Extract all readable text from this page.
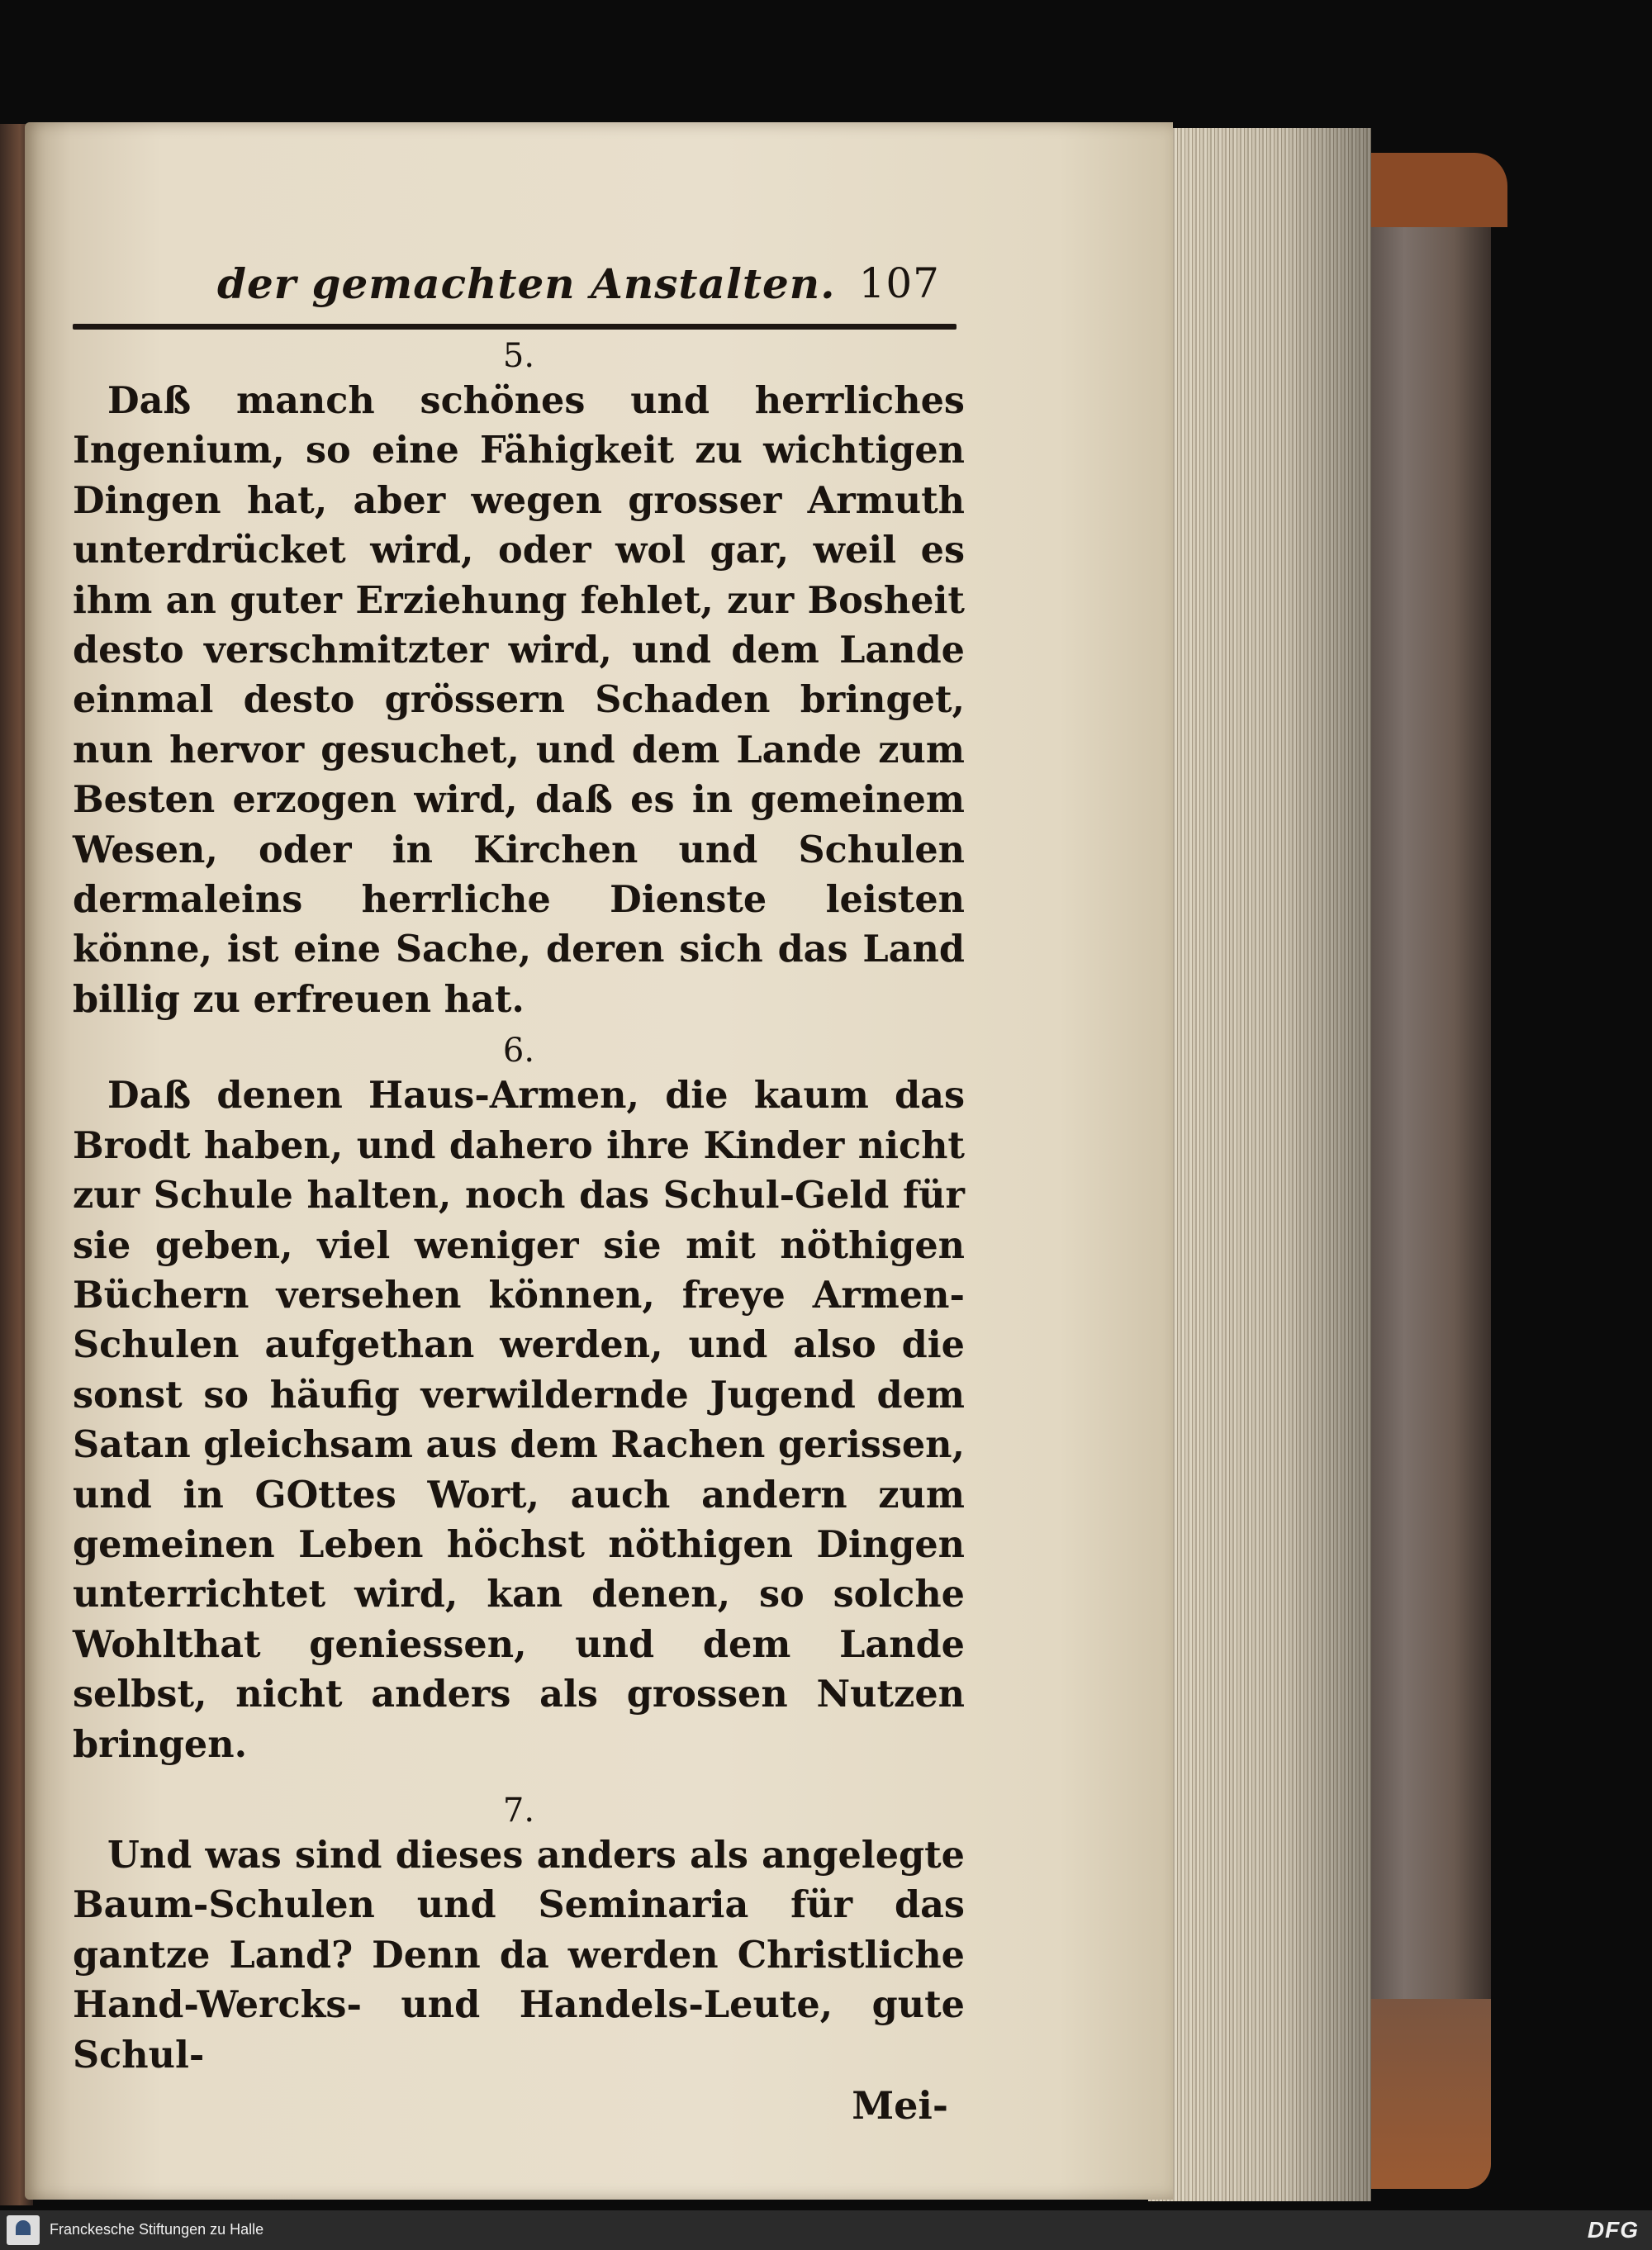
der gemachten Anstalten. 107
5.

Daß manch schönes und herrliches Ingenium, so eine Fähigkeit zu wichtigen Dingen hat, aber wegen grosser Armuth unterdrücket wird, oder wol gar, weil es ihm an guter Erziehung fehlet, zur Bosheit desto verschmitzter wird, und dem Lande einmal desto grössern Schaden bringet, nun hervor gesuchet, und dem Lande zum Besten erzogen wird, daß es in gemeinem Wesen, oder in Kirchen und Schulen dermaleins herrliche Dienste leisten könne, ist eine Sache, deren sich das Land billig zu erfreuen hat.

6.

Daß denen Haus-Armen, die kaum das Brodt haben, und dahero ihre Kinder nicht zur Schule halten, noch das Schul-Geld für sie geben, viel weniger sie mit nöthigen Büchern versehen können, freye Armen-Schulen aufgethan werden, und also die sonst so häufig verwildernde Jugend dem Satan gleichsam aus dem Rachen gerissen, und in GOttes Wort, auch andern zum gemeinen Leben höchst nöthigen Dingen unterrichtet wird, kan denen, so solche Wohlthat geniessen, und dem Lande selbst, nicht anders als grossen Nutzen bringen.

7.

Und was sind dieses anders als angelegte Baum-Schulen und Seminaria für das gantze Land? Denn da werden Christliche Hand-Wercks- und Handels-Leute, gute Schul-

Mei-
Franckesche Stiftungen zu Halle	DFG
